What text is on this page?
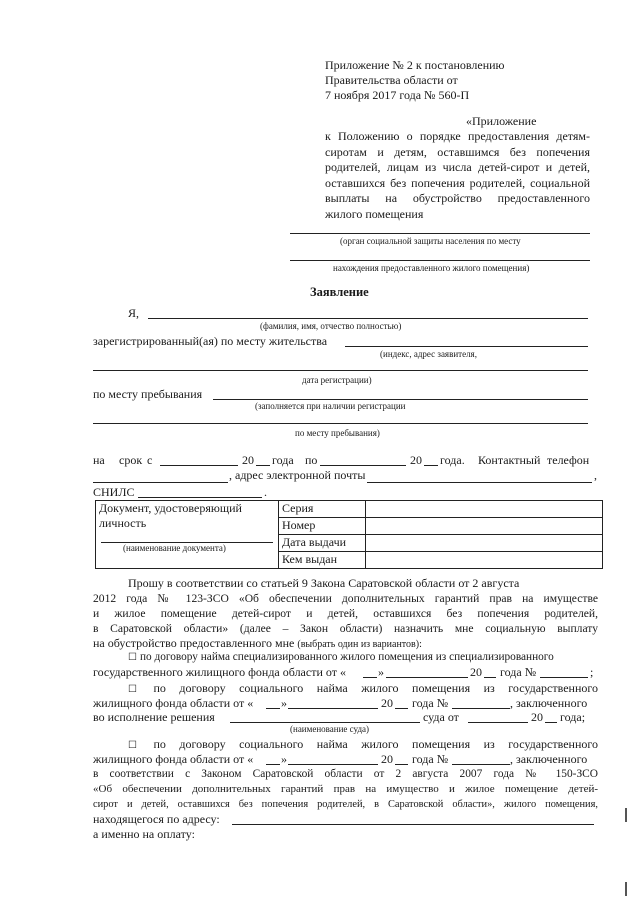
Приложение № 2 к постановлению
Правительства области от
7 ноября 2017 года № 560-П
«Приложение
к Положению о порядке предоставления детям-
сиротам и детям, оставшимся без попечения
родителей, лицам из числа детей-сирот и детей,
оставшихся без попечения родителей, социальной
выплаты на обустройство предоставленного
жилого помещения
(орган социальной защиты населения по месту
нахождения предоставленного жилого помещения)
Заявление
Я,
(фамилия, имя, отчество полностью)
зарегистрированный(ая) по месту жительства
(индекс, адрес заявителя,
дата регистрации)
по месту пребывания
(заполняется при наличии регистрации
по месту пребывания)
на срок с	20 года по	20 года. Контактный телефон
, адрес электронной почты	,
СНИЛС	.
Документ, удостоверяющий
личность
(наименование документа)	Серия	
	Номер	
	Дата выдачи	
	Кем выдан	
Прошу в соответствии со статьей 9 Закона Саратовской области от 2 августа
2012 года № 123-ЗСО «Об обеспечении дополнительных гарантий прав на имуществе
и жилое помещение детей-сирот и детей, оставшихся без попечения родителей,
в Саратовской области» (далее – Закон области) назначить мне социальную выплату
на обустройство предоставленного мне (выбрать один из вариантов):
☐ по договору найма специализированного жилого помещения из специализированного
государственного жилищного фонда области от «	»	20 года №	;
☐ по договору социального найма жилого помещения из государственного
жилищного фонда области от « »	20 года №	, заключенного
во исполнение решения	суда от	20 года;
(наименование суда)
☐ по договору социального найма жилого помещения из государственного
жилищного фонда области от « »	20 года №	, заключенного
в соответствии с Законом Саратовской области от 2 августа 2007 года № 150-ЗСО
«Об обеспечении дополнительных гарантий прав на имущество и жилое помещение детей-
сирот и детей, оставшихся без попечения родителей, в Саратовской области», жилого помещения,
находящегося по адресу:
а именно на оплату:
